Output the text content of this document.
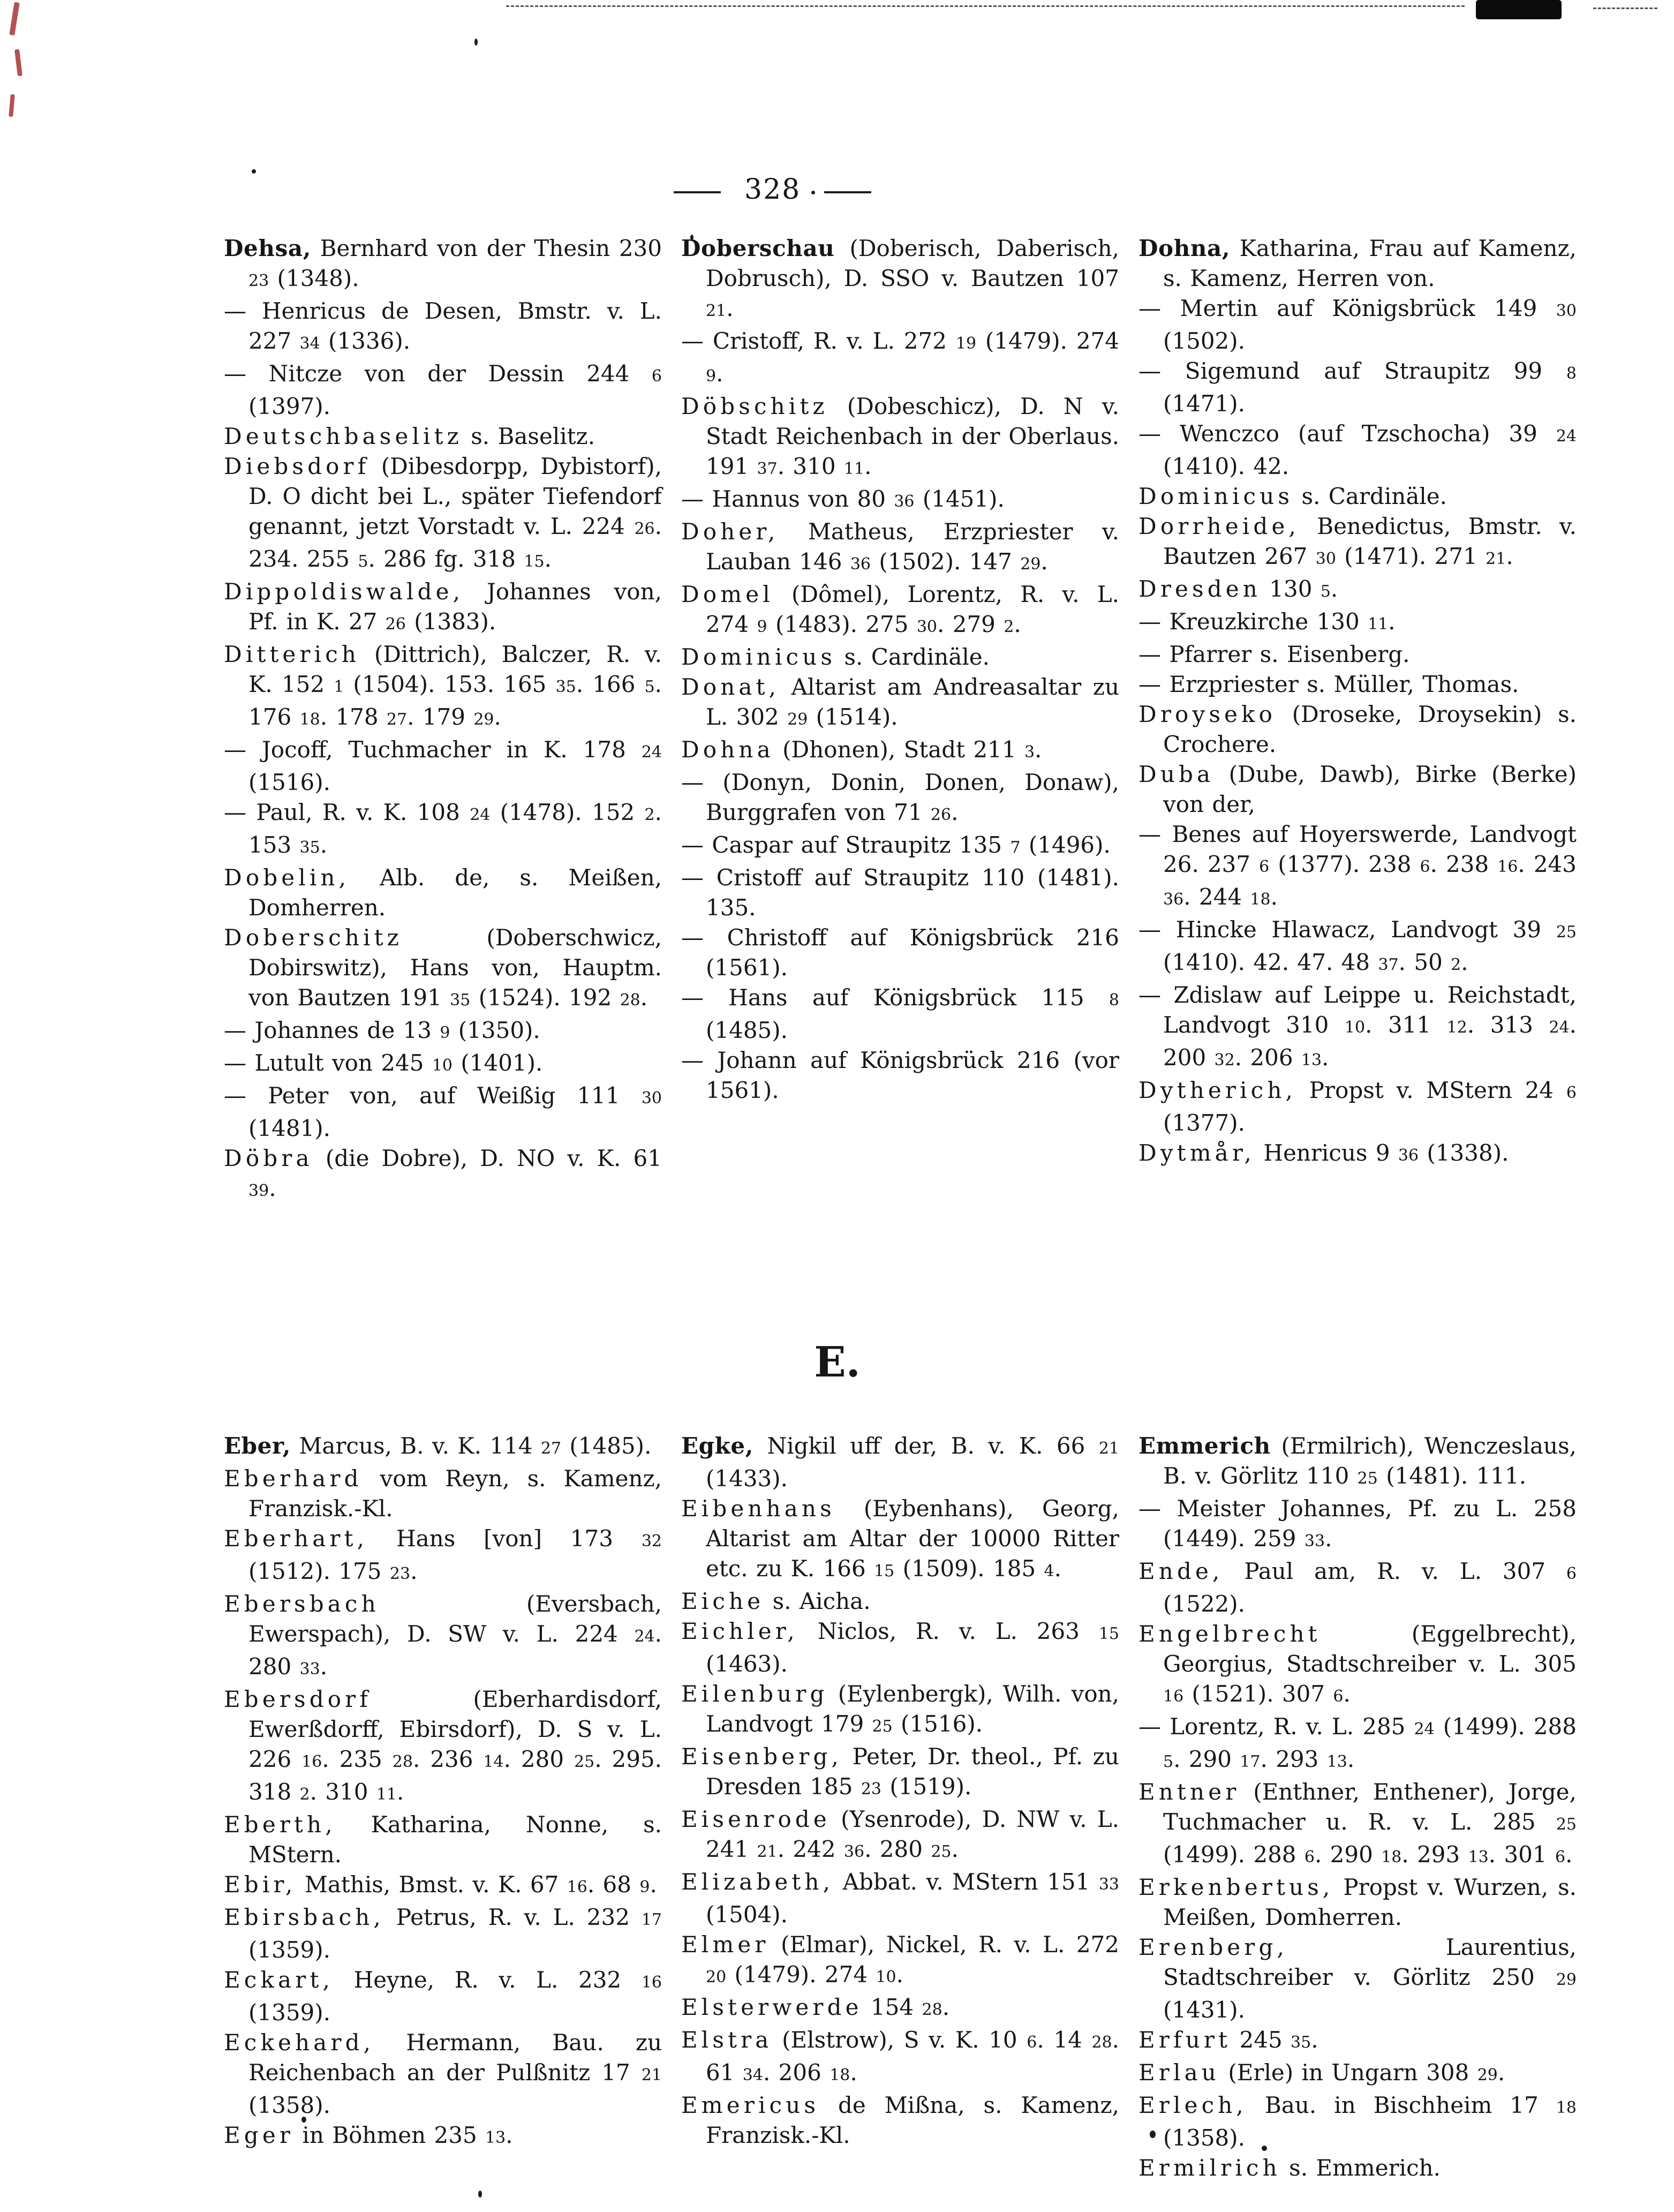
328

Dehsa, Bernhard von der Thesin 230 23 (1348).

— Henricus de Desen, Bmstr. v. L. 227 34 (1336).

— Nitcze von der Dessin 244 6 (1397).

Deutschbaselitz s. Baselitz.

Diebsdorf (Dibesdorpp, Dybistorf), D. O dicht bei L., später Tiefendorf genannt, jetzt Vorstadt v. L. 224 26. 234. 255 5. 286 fg. 318 15.

Dippoldiswalde, Johannes von, Pf. in K. 27 26 (1383).

Ditterich (Dittrich), Balczer, R. v. K. 152 1 (1504). 153. 165 35. 166 5. 176 18. 178 27. 179 29.

— Jocoff, Tuchmacher in K. 178 24 (1516).

— Paul, R. v. K. 108 24 (1478). 152 2. 153 35.

Dobelin, Alb. de, s. Meißen, Domherren.

Doberschitz	(Doberschwicz, Dobirswitz), Hans von, Hauptm. von Bautzen 191 35 (1524). 192 28.

— Johannes de 13 9 (1350).

— Lutult von 245 10 (1401).

— Peter von, auf Weißig 111 30 (1481).

Döbra (die Dobre), D. NO v. K. 61 39.

Doberschau (Doberisch, Daberisch, Dobrusch), D. SSO v. Bautzen 107 21.

— Cristoff, R. v. L. 272 19 (1479). 274 9.

Döbschitz (Dobeschicz), D. N v. Stadt Reichenbach in der Oberlaus. 191 37. 310 11.

— Hannus von 80 36 (1451).

Doher, Matheus, Erzpriester v. Lauban 146 36 (1502). 147 29.

Domel (Dômel), Lorentz, R. v. L. 274 9 (1483). 275 30. 279 2.

Dominicus s. Cardinäle.

Donat, Altarist am Andreasaltar zu L. 302 29 (1514).

Dohna (Dhonen), Stadt 211 3.

— (Donyn, Donin, Donen, Donaw), Burggrafen von 71 26.

— Caspar auf Straupitz 135 7 (1496).

— Cristoff auf Straupitz 110 (1481). 135.

— Christoff auf Königsbrück 216 (1561).

— Hans auf Königsbrück 115 8 (1485).

— Johann auf Königsbrück 216 (vor 1561).

Dohna, Katharina, Frau auf Kamenz, s. Kamenz, Herren von.

— Mertin auf Königsbrück 149 30 (1502).

— Sigemund auf Straupitz 99 8 (1471).

— Wenczco (auf Tzschocha) 39 24 (1410). 42.

Dominicus s. Cardinäle.

Dorrheide, Benedictus, Bmstr. v. Bautzen 267 30 (1471). 271 21.

Dresden 130 5.

— Kreuzkirche 130 11.

— Pfarrer s. Eisenberg.

— Erzpriester s. Müller, Thomas.

Droyseko (Droseke, Droysekin) s. Crochere.

Duba (Dube, Dawb), Birke (Berke) von der,

— Benes auf Hoyerswerde, Landvogt 26. 237 6 (1377). 238 6. 238 16. 243 36. 244 18.

— Hincke Hlawacz, Landvogt 39 25 (1410). 42. 47. 48 37. 50 2.

— Zdislaw auf Leippe u. Reichstadt, Landvogt 310 10. 311 12. 313 24. 200 32. 206 13.

Dytherich, Propst v. MStern 24 6 (1377).

Dytmår, Henricus 9 36 (1338).

E.

Eber, Marcus, B. v. K. 114 27 (1485).

Eberhard vom Reyn, s. Kamenz, Franzisk.-Kl.

Eberhart, Hans [von] 173 32 (1512). 175 23.

Ebersbach	(Eversbach, Ewerspach), D. SW v. L. 224 24. 280 33.

Ebersdorf	(Eberhardisdorf, Ewerßdorff, Ebirsdorf), D. S v. L. 226 16. 235 28. 236 14. 280 25. 295. 318 2. 310 11.

Eberth, Katharina, Nonne, s. MStern.

Ebir, Mathis, Bmst. v. K. 67 16. 68 9.

Ebirsbach, Petrus, R. v. L. 232 17 (1359).

Eckart, Heyne, R. v. L. 232 16 (1359).

Eckehard, Hermann, Bau. zu Reichenbach an der Pulßnitz 17 21 (1358).

Eger in Böhmen 235 13.

Egke, Nigkil uff der, B. v. K. 66 21 (1433).

Eibenhans (Eybenhans), Georg, Altarist am Altar der 10000 Ritter etc. zu K. 166 15 (1509). 185 4.

Eiche s. Aicha.

Eichler, Niclos, R. v. L. 263 15 (1463).

Eilenburg (Eylenbergk), Wilh. von, Landvogt 179 25 (1516).

Eisenberg, Peter, Dr. theol., Pf. zu Dresden 185 23 (1519).

Eisenrode (Ysenrode), D. NW v. L. 241 21. 242 36. 280 25.

Elizabeth, Abbat. v. MStern 151 33 (1504).

Elmer (Elmar), Nickel, R. v. L. 272 20 (1479). 274 10.

Elsterwerde 154 28.

Elstra (Elstrow), S v. K. 10 6. 14 28. 61 34. 206 18.

Emericus de Mißna, s. Kamenz, Franzisk.-Kl.

Emmerich (Ermilrich), Wenczeslaus, B. v. Görlitz 110 25 (1481). 111.

— Meister Johannes, Pf. zu L. 258 (1449). 259 33.

Ende, Paul am, R. v. L. 307 6 (1522).

Engelbrecht	(Eggelbrecht), Georgius, Stadtschreiber v. L. 305 16 (1521). 307 6.

— Lorentz, R. v. L. 285 24 (1499). 288 5. 290 17. 293 13.

Entner (Enthner, Enthener), Jorge, Tuchmacher u. R. v. L. 285 25 (1499). 288 6. 290 18. 293 13. 301 6.

Erkenbertus, Propst v. Wurzen, s. Meißen, Domherren.

Erenberg,	Laurentius, Stadtschreiber v. Görlitz 250 29 (1431).

Erfurt 245 35.

Erlau (Erle) in Ungarn 308 29.

Erlech, Bau. in Bischheim 17 18 (1358).

Ermilrich s. Emmerich.
